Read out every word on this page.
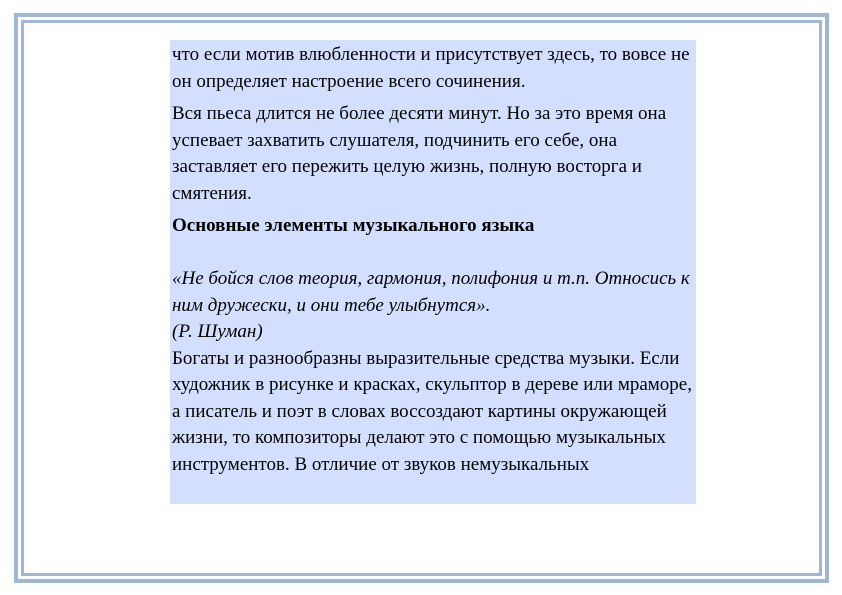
что если мотив влюбленности и присутствует здесь, то вовсе не он определяет настроение всего сочинения.

Вся пьеса длится не более десяти минут. Но за это время она успевает захватить слушателя, подчинить его себе, она заставляет его пережить целую жизнь, полную восторга и смятения.

Основные элементы музыкального языка

«Не бойся слов теория, гармония, полифония и т.п. Относись к ним дружески, и они тебе улыбнутся».
(Р. Шуман)

Богаты и разнообразны выразительные средства музыки. Если художник в рисунке и красках, скульптор в дереве или мраморе, а писатель и поэт в словах воссоздают картины окружающей жизни, то композиторы делают это с помощью музыкальных инструментов. В отличие от звуков немузыкальных
